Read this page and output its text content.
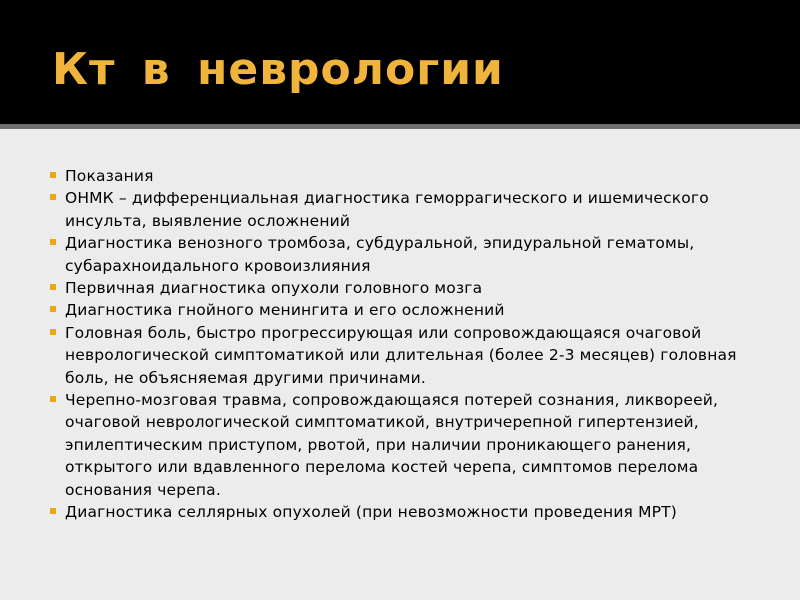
Кт в неврологии
Показания
ОНМК – дифференциальная диагностика геморрагического и ишемического инсульта, выявление осложнений
Диагностика венозного тромбоза, субдуральной, эпидуральной гематомы, субарахноидального кровоизлияния
Первичная диагностика опухоли головного мозга
Диагностика гнойного менингита и его осложнений
Головная боль, быстро прогрессирующая или сопровождающаяся очаговой неврологической симптоматикой или длительная (более 2-3 месяцев) головная боль, не объясняемая другими причинами.
Черепно-мозговая травма, сопровождающаяся потерей сознания, ликвореей, очаговой неврологической симптоматикой, внутричерепной гипертензией, эпилептическим приступом, рвотой, при наличии проникающего ранения, открытого или вдавленного перелома костей черепа, симптомов перелома основания черепа.
Диагностика селлярных опухолей (при невозможности проведения МРТ)
